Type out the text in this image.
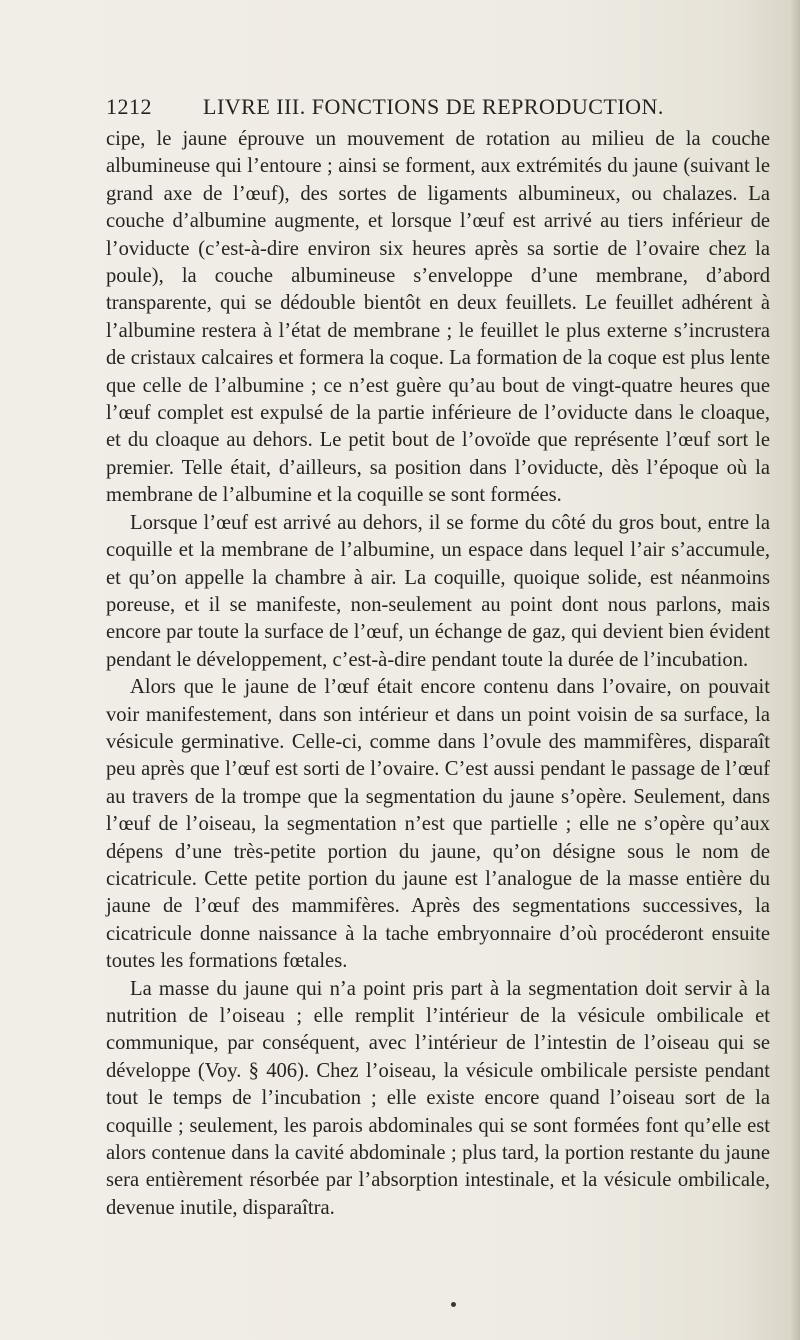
1212 LIVRE III. FONCTIONS DE REPRODUCTION.

cipe, le jaune éprouve un mouvement de rotation au milieu de la couche albumineuse qui l’entoure ; ainsi se forment, aux extrémités du jaune (suivant le grand axe de l’œuf), des sortes de ligaments albumineux, ou chalazes. La couche d’albumine augmente, et lorsque l’œuf est arrivé au tiers inférieur de l’oviducte (c’est-à-dire environ six heures après sa sortie de l’ovaire chez la poule), la couche albumineuse s’enveloppe d’une membrane, d’abord transparente, qui se dédouble bientôt en deux feuillets. Le feuillet adhérent à l’albumine restera à l’état de membrane ; le feuillet le plus externe s’incrustera de cristaux calcaires et formera la coque. La formation de la coque est plus lente que celle de l’albumine ; ce n’est guère qu’au bout de vingt-quatre heures que l’œuf complet est expulsé de la partie inférieure de l’oviducte dans le cloaque, et du cloaque au dehors. Le petit bout de l’ovoïde que représente l’œuf sort le premier. Telle était, d’ailleurs, sa position dans l’oviducte, dès l’époque où la membrane de l’albumine et la coquille se sont formées.

Lorsque l’œuf est arrivé au dehors, il se forme du côté du gros bout, entre la coquille et la membrane de l’albumine, un espace dans lequel l’air s’accumule, et qu’on appelle la chambre à air. La coquille, quoique solide, est néanmoins poreuse, et il se manifeste, non-seulement au point dont nous parlons, mais encore par toute la surface de l’œuf, un échange de gaz, qui devient bien évident pendant le développement, c’est-à-dire pendant toute la durée de l’incubation.

Alors que le jaune de l’œuf était encore contenu dans l’ovaire, on pouvait voir manifestement, dans son intérieur et dans un point voisin de sa surface, la vésicule germinative. Celle-ci, comme dans l’ovule des mammifères, disparaît peu après que l’œuf est sorti de l’ovaire. C’est aussi pendant le passage de l’œuf au travers de la trompe que la segmentation du jaune s’opère. Seulement, dans l’œuf de l’oiseau, la segmentation n’est que partielle ; elle ne s’opère qu’aux dépens d’une très-petite portion du jaune, qu’on désigne sous le nom de cicatricule. Cette petite portion du jaune est l’analogue de la masse entière du jaune de l’œuf des mammifères. Après des segmentations successives, la cicatricule donne naissance à la tache embryonnaire d’où procéderont ensuite toutes les formations fœtales.

La masse du jaune qui n’a point pris part à la segmentation doit servir à la nutrition de l’oiseau ; elle remplit l’intérieur de la vésicule ombilicale et communique, par conséquent, avec l’intérieur de l’intestin de l’oiseau qui se développe (Voy. § 406). Chez l’oiseau, la vésicule ombilicale persiste pendant tout le temps de l’incubation ; elle existe encore quand l’oiseau sort de la coquille ; seulement, les parois abdominales qui se sont formées font qu’elle est alors contenue dans la cavité abdominale ; plus tard, la portion restante du jaune sera entièrement résorbée par l’absorption intestinale, et la vésicule ombilicale, devenue inutile, disparaîtra.
